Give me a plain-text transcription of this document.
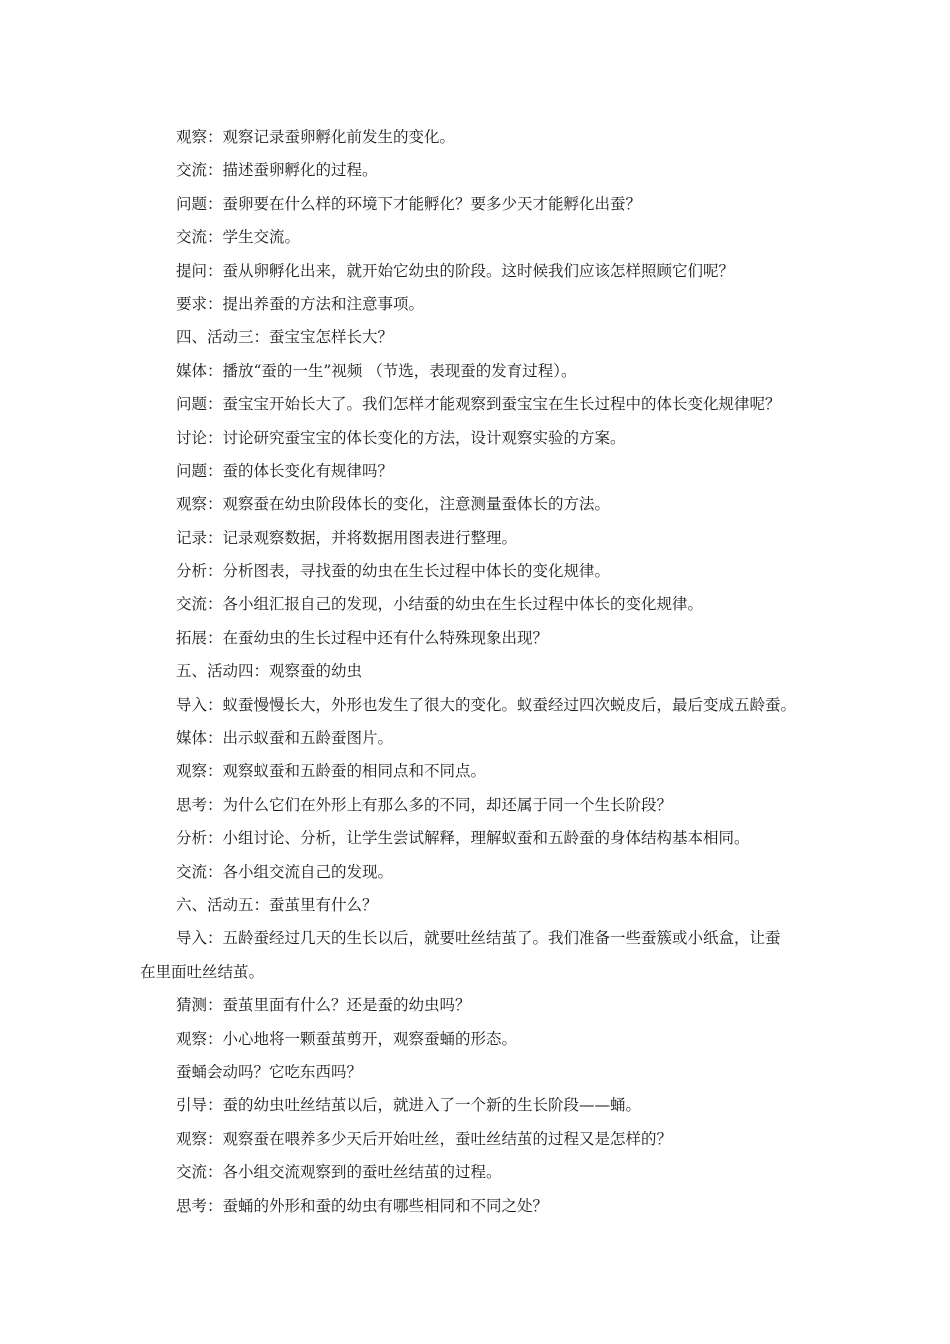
观察：观察记录蚕卵孵化前发生的变化。

交流：描述蚕卵孵化的过程。

问题：蚕卵要在什么样的环境下才能孵化？要多少天才能孵化出蚕？

交流：学生交流。

提问：蚕从卵孵化出来，就开始它幼虫的阶段。这时候我们应该怎样照顾它们呢？

要求：提出养蚕的方法和注意事项。

四、活动三：蚕宝宝怎样长大？

媒体：播放“蚕的一生”视频 （节选，表现蚕的发育过程）。

问题：蚕宝宝开始长大了。我们怎样才能观察到蚕宝宝在生长过程中的体长变化规律呢？

讨论：讨论研究蚕宝宝的体长变化的方法，设计观察实验的方案。

问题：蚕的体长变化有规律吗？

观察：观察蚕在幼虫阶段体长的变化，注意测量蚕体长的方法。

记录：记录观察数据，并将数据用图表进行整理。

分析：分析图表，寻找蚕的幼虫在生长过程中体长的变化规律。

交流：各小组汇报自己的发现，小结蚕的幼虫在生长过程中体长的变化规律。

拓展：在蚕幼虫的生长过程中还有什么特殊现象出现？

五、活动四：观察蚕的幼虫

导入：蚁蚕慢慢长大，外形也发生了很大的变化。蚁蚕经过四次蜕皮后，最后变成五龄蚕。

媒体：出示蚁蚕和五龄蚕图片。

观察：观察蚁蚕和五龄蚕的相同点和不同点。

思考：为什么它们在外形上有那么多的不同，却还属于同一个生长阶段？

分析：小组讨论、分析，让学生尝试解释，理解蚁蚕和五龄蚕的身体结构基本相同。

交流：各小组交流自己的发现。

六、活动五：蚕茧里有什么？

导入：五龄蚕经过几天的生长以后，就要吐丝结茧了。我们准备一些蚕簇或小纸盒，让蚕

在里面吐丝结茧。

猜测：蚕茧里面有什么？还是蚕的幼虫吗？

观察：小心地将一颗蚕茧剪开，观察蚕蛹的形态。

蚕蛹会动吗？它吃东西吗？

引导：蚕的幼虫吐丝结茧以后，就进入了一个新的生长阶段——蛹。

观察：观察蚕在喂养多少天后开始吐丝，蚕吐丝结茧的过程又是怎样的？

交流：各小组交流观察到的蚕吐丝结茧的过程。

思考：蚕蛹的外形和蚕的幼虫有哪些相同和不同之处？
